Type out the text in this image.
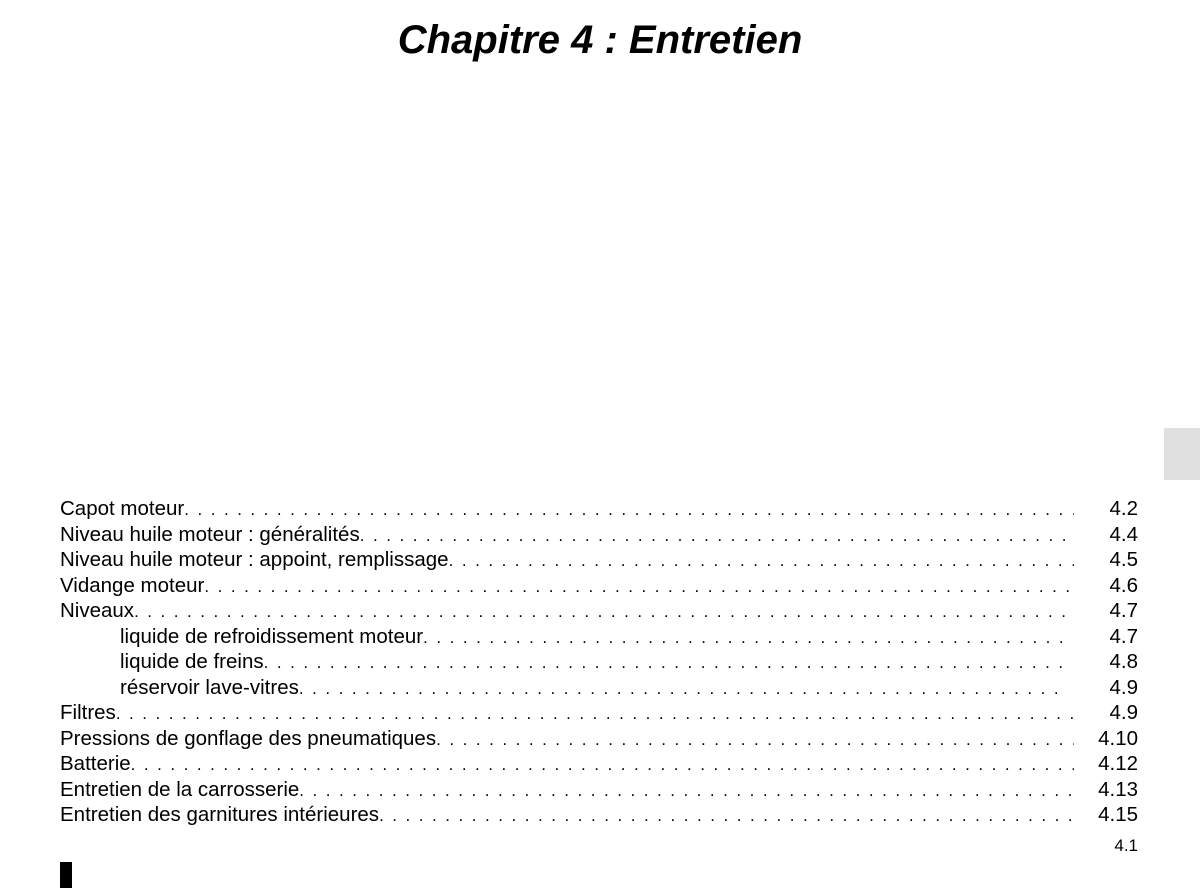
Chapitre 4 : Entretien
Capot moteur . . .	4.2
Niveau huile moteur : généralités . . .	4.4
Niveau huile moteur : appoint, remplissage . . .	4.5
Vidange moteur . . .	4.6
Niveaux . . .	4.7
liquide de refroidissement moteur . . .	4.7
liquide de freins . . .	4.8
réservoir lave-vitres . . .	4.9
Filtres . . .	4.9
Pressions de gonflage des pneumatiques . . .	4.10
Batterie . . .	4.12
Entretien de la carrosserie . . .	4.13
Entretien des garnitures intérieures . . .	4.15
4.1
